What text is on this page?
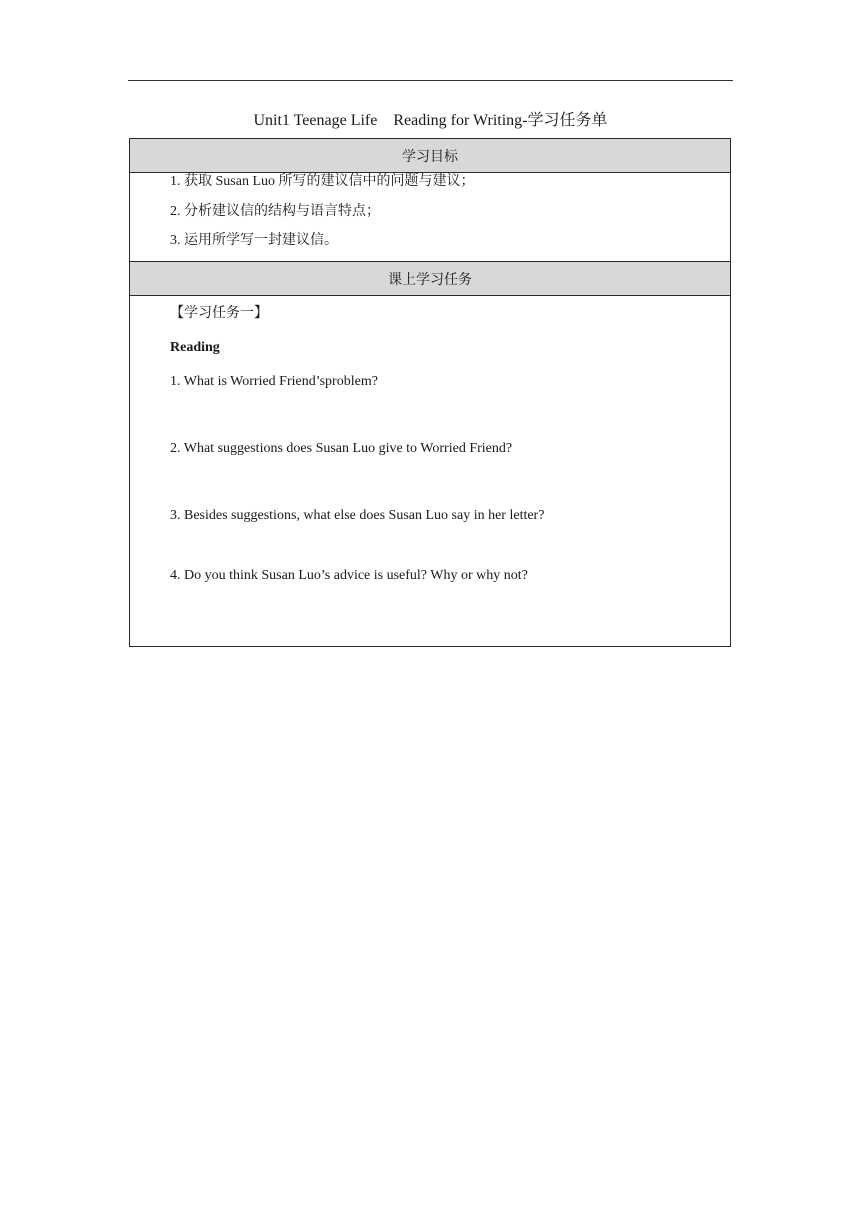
Unit1 Teenage Life    Reading for Writing-学习任务单
学习目标
1. 获取 Susan Luo 所写的建议信中的问题与建议；
2. 分析建议信的结构与语言特点；
3. 运用所学写一封建议信。
课上学习任务
【学习任务一】
Reading
1. What is Worried Friend’sproblem?
2. What suggestions does Susan Luo give to Worried Friend?
3. Besides suggestions, what else does Susan Luo say in her letter?
4. Do you think Susan Luo’s advice is useful? Why or why not?
